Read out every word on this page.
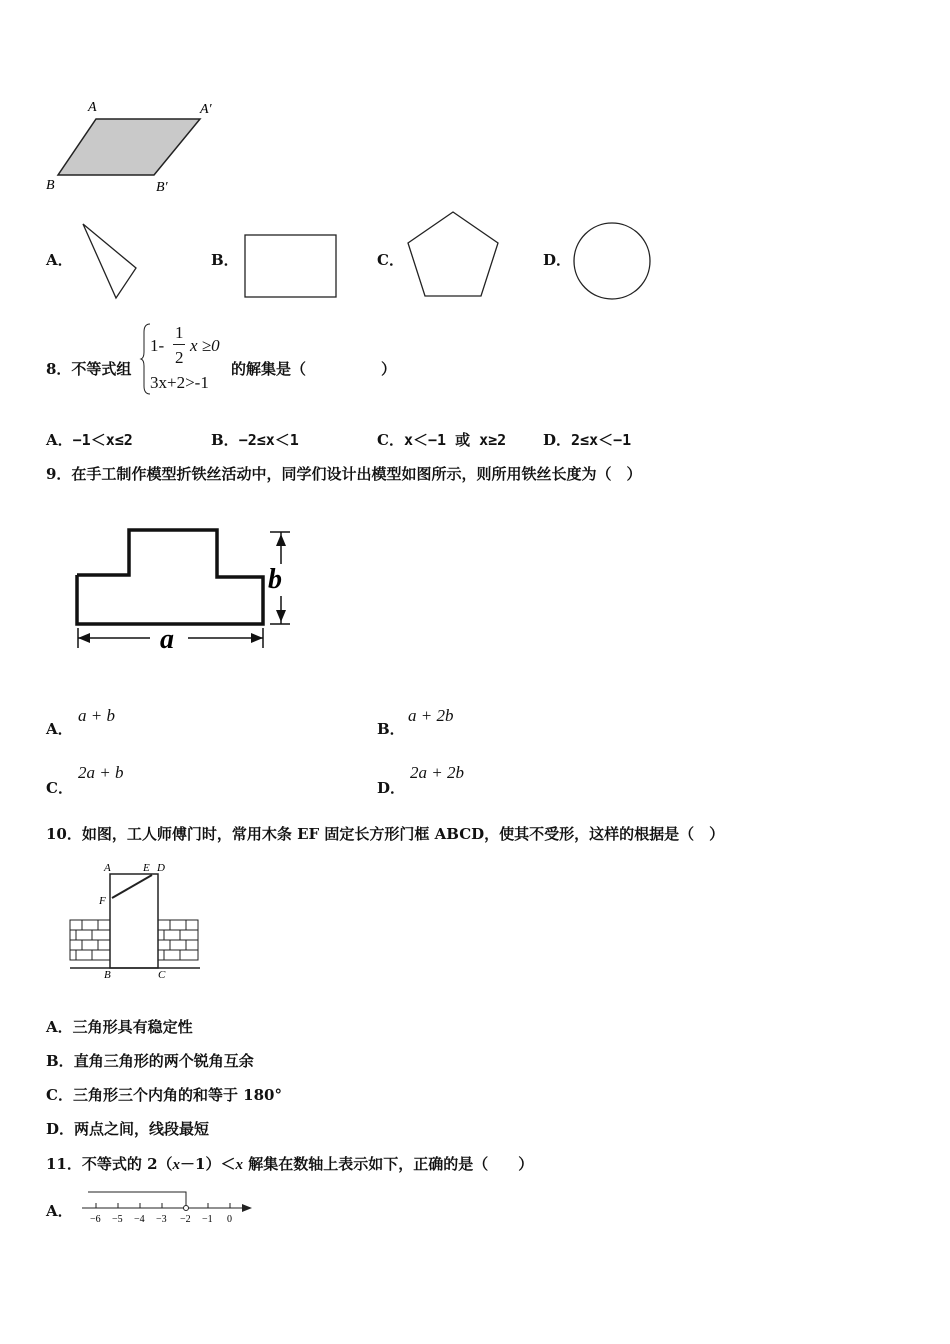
A	A′
B	B′
A．	B．	C．	D．
8．不等式组
1-
1
2
x ≥0
3x+2>-1
的解集是（　　　　　）
A．−1＜x≤2	B．−2≤x＜1	C．x＜−1 或 x≥2 D．2≤x＜−1
9．在手工制作模型折铁丝活动中，同学们设计出模型如图所示，则所用铁丝长度为（　）
b
a
A．
a + b
B．
a + 2b
C．
2a + b
D．
2a + 2b
10．如图，工人师傅门时，常用木条 EF 固定长方形门框 ABCD，使其不受形，这样的根据是（　）
A	E D
F
B	C
A．三角形具有稳定性
B．直角三角形的两个锐角互余
C．三角形三个内角的和等于 180°
D．两点之间，线段最短
11．不等式的 2（x－1）＜x 解集在数轴上表示如下，正确的是（　　）
A． −6 −5 −4 −3 −2 −1 0
